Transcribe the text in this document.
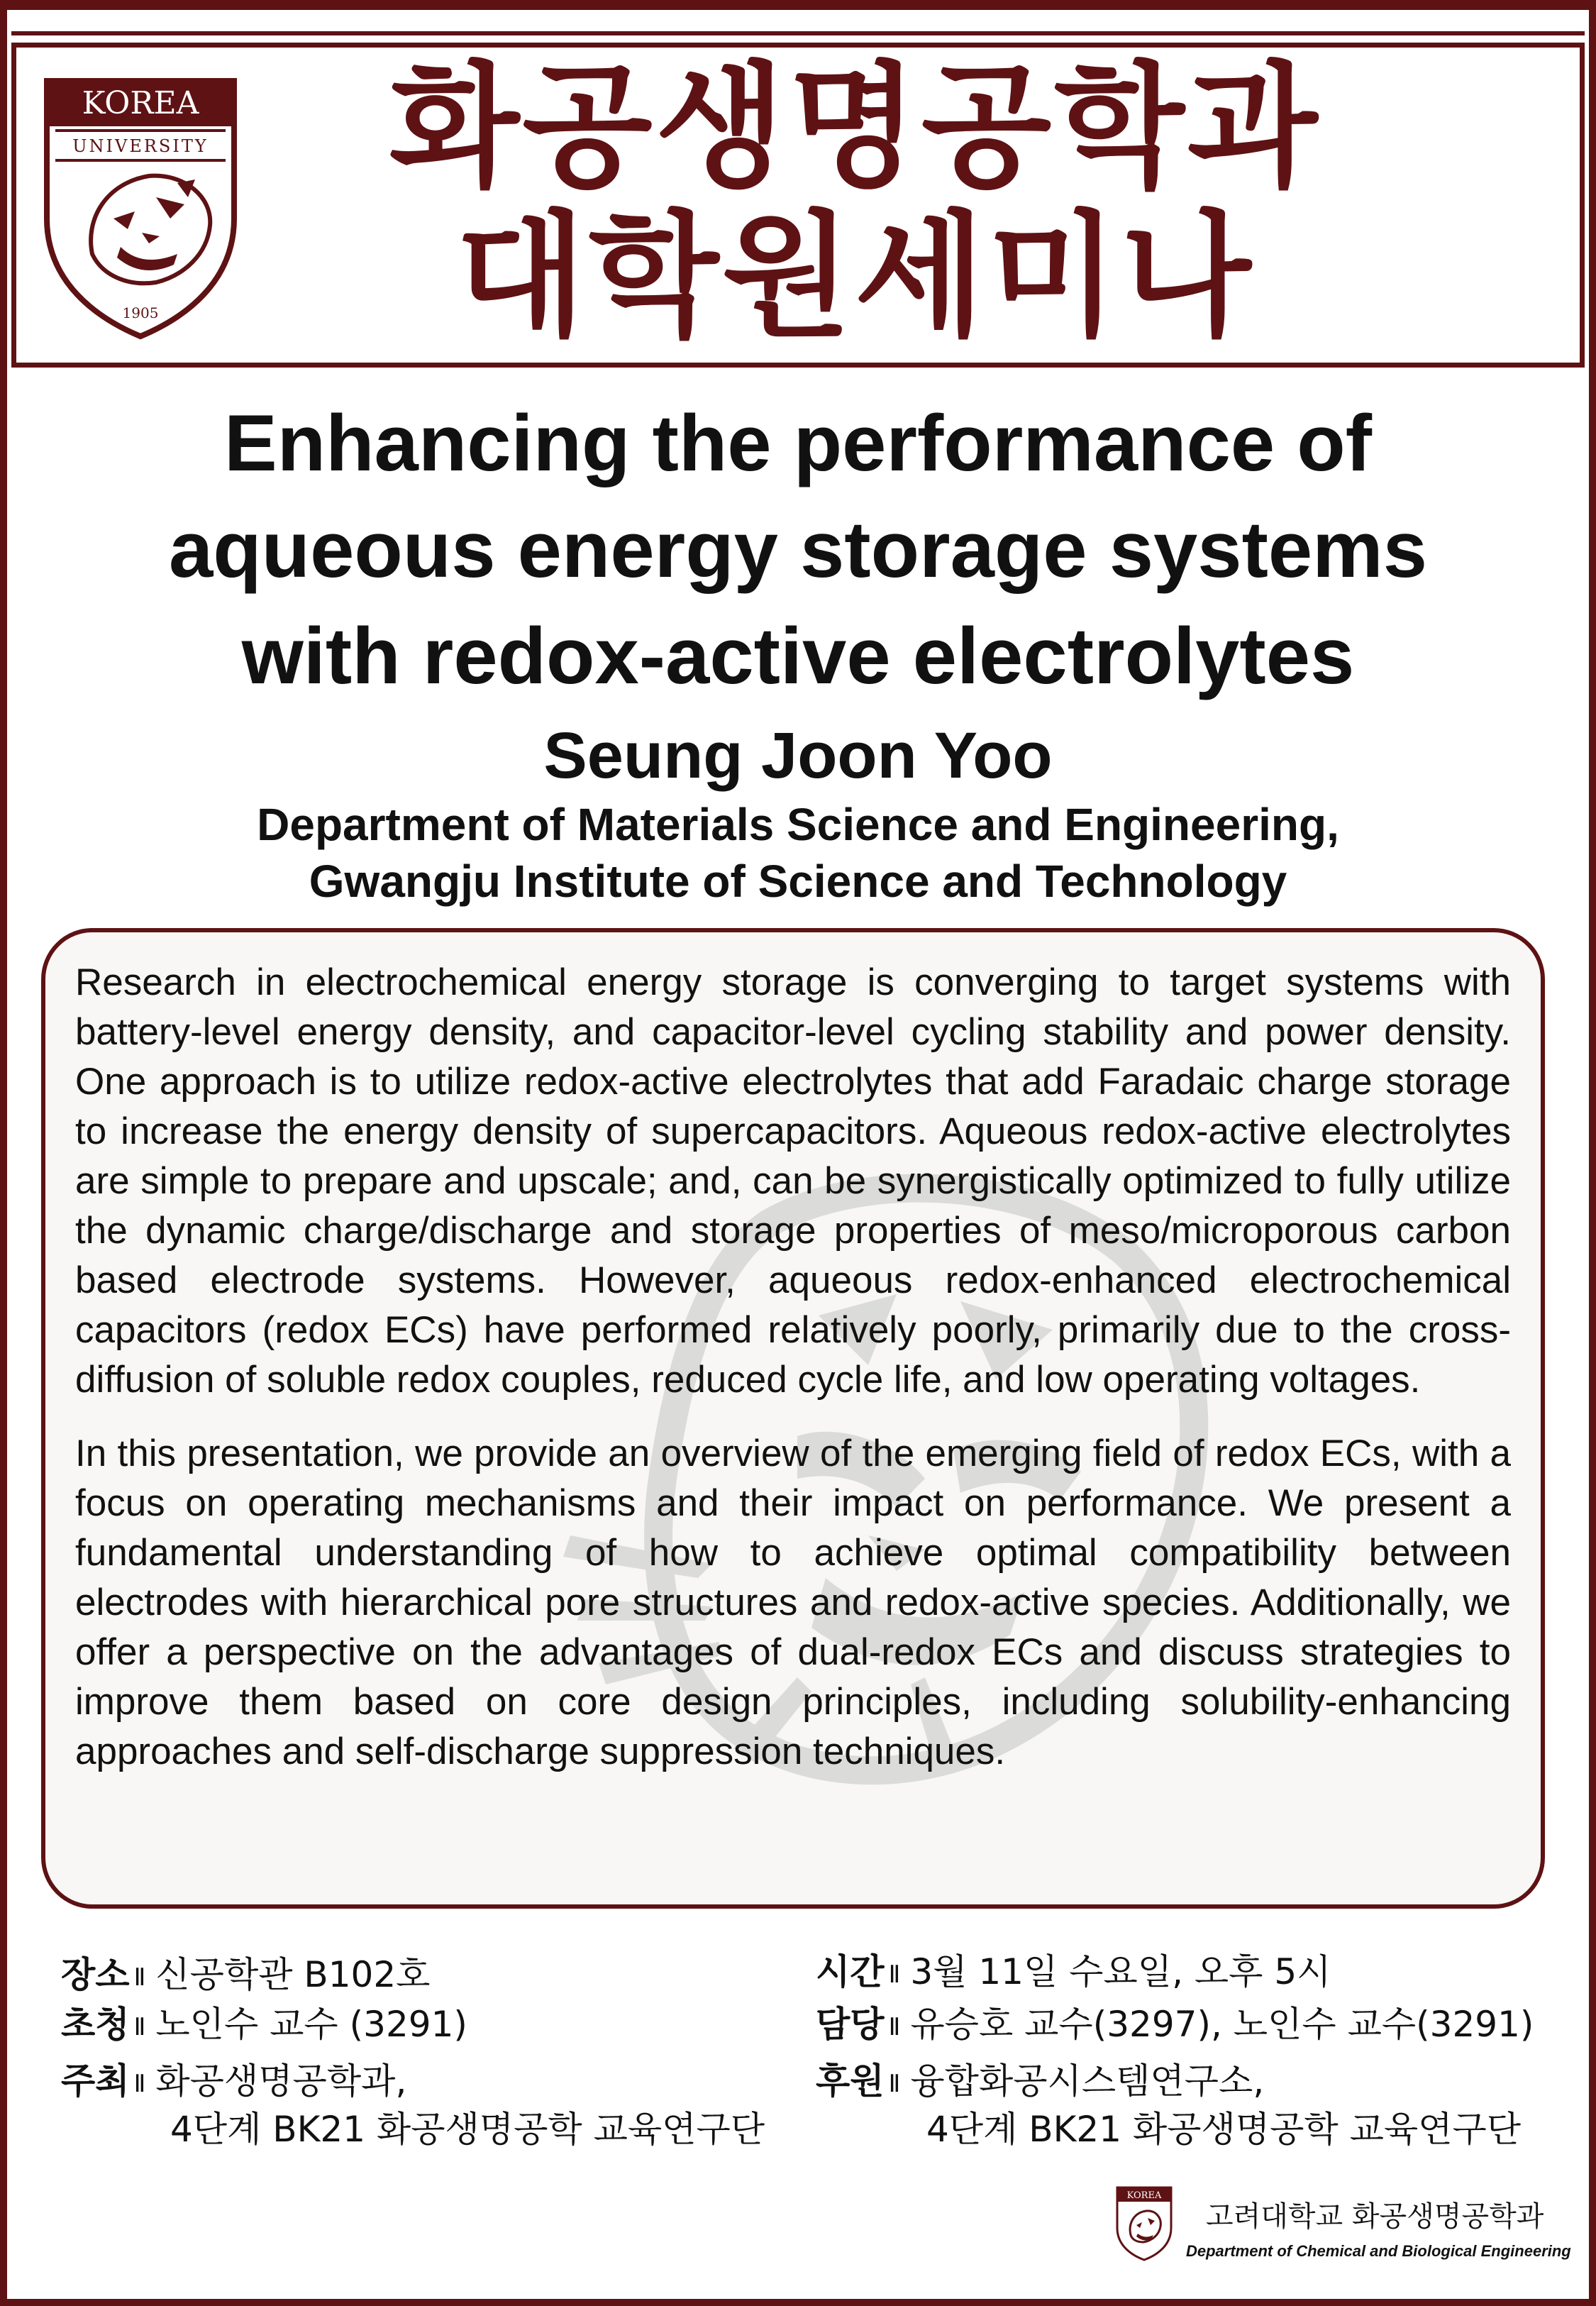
KOREA
UNIVERSITY
1905
화공생명공학과
대학원세미나
Enhancing the performance of
aqueous energy storage systems
with redox-active electrolytes
Seung Joon Yoo
Department of Materials Science and Engineering,
Gwangju Institute of Science and Technology

Research in electrochemical energy storage is converging to target systems with battery-level energy density, and capacitor-level cycling stability and power density. One approach is to utilize redox-active electrolytes that add Faradaic charge storage to increase the energy density of supercapacitors. Aqueous redox-active electrolytes are simple to prepare and upscale; and, can be synergistically optimized to fully utilize the dynamic charge/discharge and storage properties of meso/microporous carbon based electrode systems. However, aqueous redox-enhanced electrochemical capacitors (redox ECs) have performed relatively poorly, primarily due to the cross-diffusion of soluble redox couples, reduced cycle life, and low operating voltages.

In this presentation, we provide an overview of the emerging field of redox ECs, with a focus on operating mechanisms and their impact on performance. We present a fundamental understanding of how to achieve optimal compatibility between electrodes with hierarchical pore structures and redox-active species. Additionally, we offer a perspective on the advantages of dual-redox ECs and discuss strategies to improve them based on core design principles, including solubility-enhancing approaches and self-discharge suppression techniques.

장소 Ⅱ 신공학관 B102호
초청 Ⅱ 노인수 교수 (3291)
주최 Ⅱ 화공생명공학과,
4단계 BK21 화공생명공학 교육연구단
시간 Ⅱ 3월 11일 수요일, 오후 5시
담당 Ⅱ 유승호 교수(3297), 노인수 교수(3291)
후원 Ⅱ 융합화공시스템연구소,
4단계 BK21 화공생명공학 교육연구단
KOREA
고려대학교 화공생명공학과
Department of Chemical and Biological Engineering
